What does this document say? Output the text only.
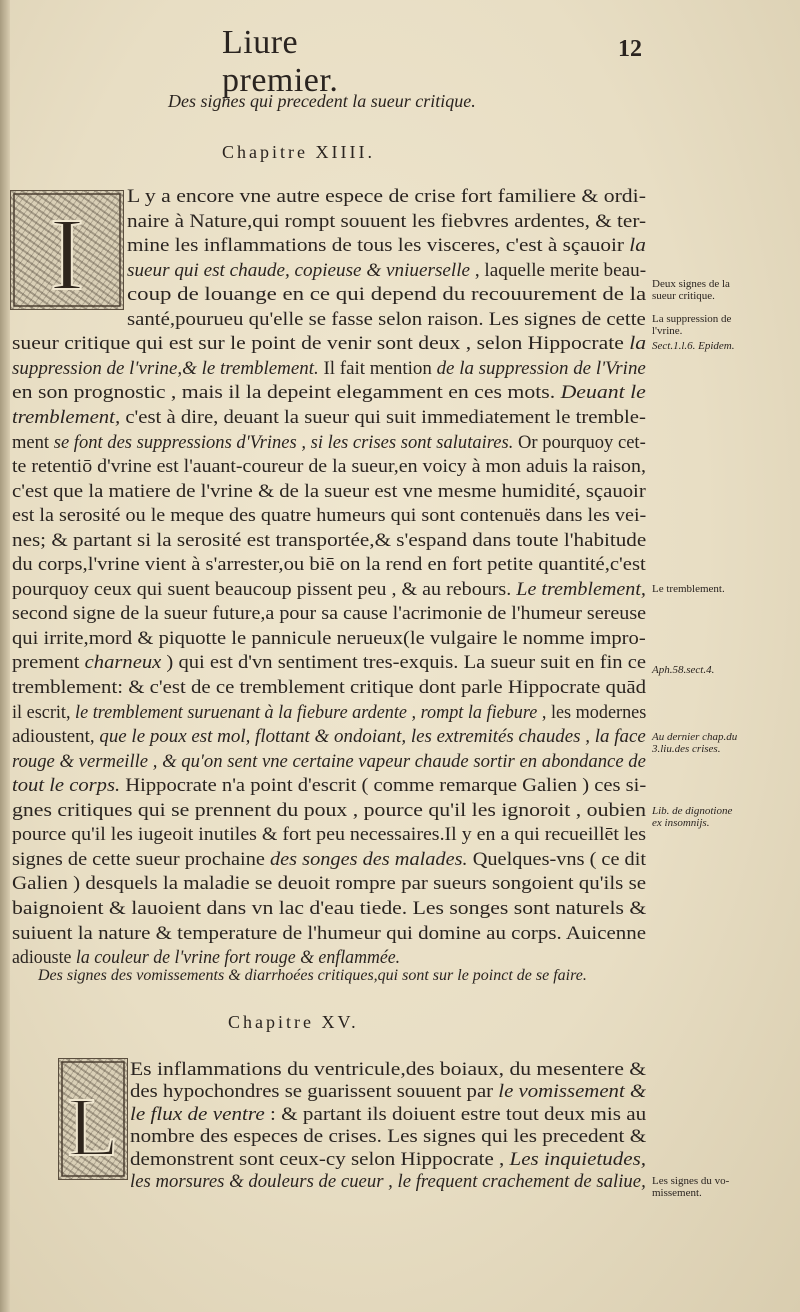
Liure premier.
12
Des signes qui precedent la sueur critique.
Chapitre XIIII.
I
L y a encore vne autre espece de crise fort familiere & ordi-
naire à Nature,qui rompt souuent les fiebvres ardentes, & ter-
mine les inflammations de tous les visceres, c'est à sçauoir la
sueur qui est chaude, copieuse & vniuerselle , laquelle merite beau-
coup de louange en ce qui depend du recouurement de la
santé,pourueu qu'elle se fasse selon raison. Les signes de cette
sueur critique qui est sur le point de venir sont deux , selon Hippocrate la
suppression de l'vrine,& le tremblement. Il fait mention de la suppression de l'Vrine
en son prognostic , mais il la depeint elegamment en ces mots. Deuant le
tremblement, c'est à dire, deuant la sueur qui suit immediatement le tremble-
ment se font des suppressions d'Vrines , si les crises sont salutaires. Or pourquoy cet-
te retentiō d'vrine est l'auant-coureur de la sueur,en voicy à mon aduis la raison,
c'est que la matiere de l'vrine & de la sueur est vne mesme humidité, sçauoir
est la serosité ou le meque des quatre humeurs qui sont contenuës dans les vei-
nes; & partant si la serosité est transportée,& s'espand dans toute l'habitude
du corps,l'vrine vient à s'arrester,ou biē on la rend en fort petite quantité,c'est
pourquoy ceux qui suent beaucoup pissent peu , & au rebours. Le tremblement,
second signe de la sueur future,a pour sa cause l'acrimonie de l'humeur sereuse
qui irrite,mord & piquotte le pannicule nerueux(le vulgaire le nomme impro-
prement charneux ) qui est d'vn sentiment tres-exquis. La sueur suit en fin ce
tremblement: & c'est de ce tremblement critique dont parle Hippocrate quād
il escrit, le tremblement suruenant à la fiebure ardente , rompt la fiebure , les modernes
adioustent, que le poux est mol, flottant & ondoiant, les extremités chaudes , la face
rouge & vermeille , & qu'on sent vne certaine vapeur chaude sortir en abondance de
tout le corps. Hippocrate n'a point d'escrit ( comme remarque Galien ) ces si-
gnes critiques qui se prennent du poux , pource qu'il les ignoroit , oubien
pource qu'il les iugeoit inutiles & fort peu necessaires.Il y en a qui recueillēt les
signes de cette sueur prochaine des songes des malades. Quelques-vns ( ce dit
Galien ) desquels la maladie se deuoit rompre par sueurs songoient qu'ils se
baignoient & lauoient dans vn lac d'eau tiede. Les songes sont naturels &
suiuent la nature & temperature de l'humeur qui domine au corps. Auicenne
adiouste la couleur de l'vrine fort rouge & enflammée.
Des signes des vomissements & diarrhoées critiques,qui sont sur le poinct de se faire.
Chapitre XV.
L
Es inflammations du ventricule,des boiaux, du mesentere &
des hypochondres se guarissent souuent par le vomissement &
le flux de ventre : & partant ils doiuent estre tout deux mis au
nombre des especes de crises. Les signes qui les precedent &
demonstrent sont ceux-cy selon Hippocrate , Les inquietudes,
les morsures & douleurs de cueur , le frequent crachement de saliue,
Deux signes de la
sueur critique.
La suppression de
l'vrine.
Sect.1.l.6. Epidem.
Le tremblement.
Aph.58.sect.4.
Au dernier chap.du
3.liu.des crises.
Lib. de dignotione
ex insomnijs.
Les signes du vo-
missement.
